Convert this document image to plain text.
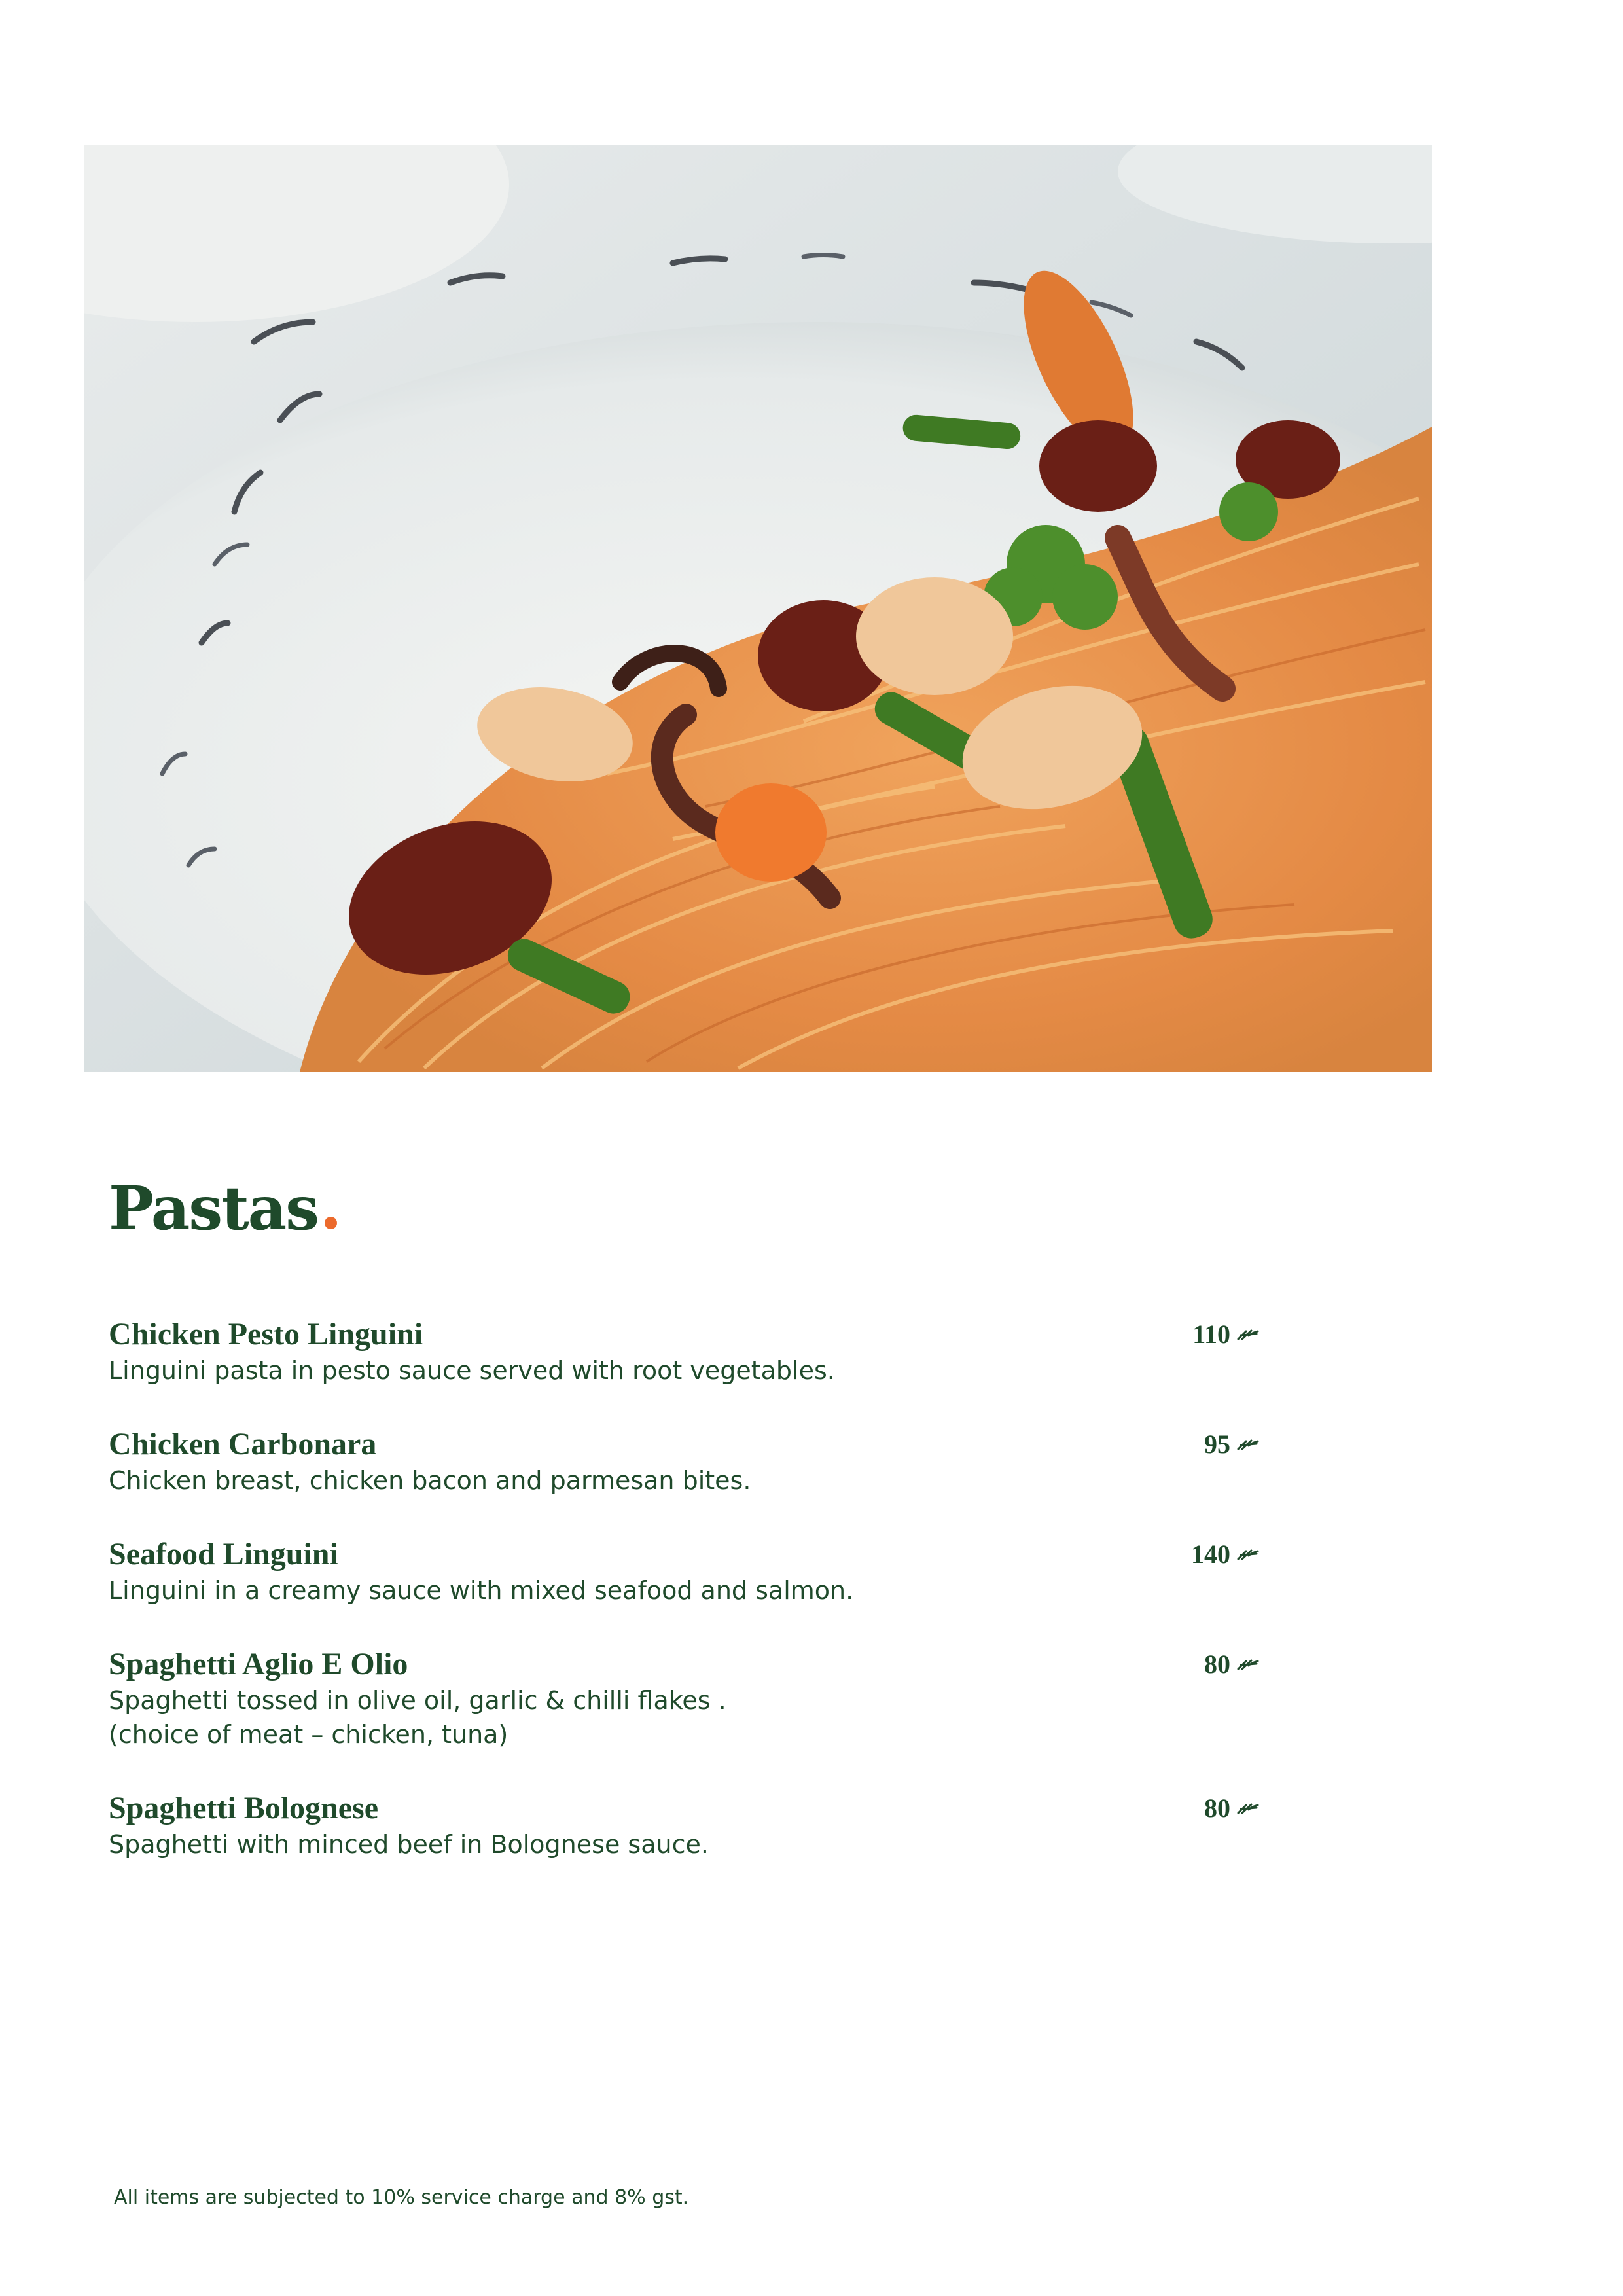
Pastas
Chicken Pesto Linguini
Linguini pasta in pesto sauce served with root vegetables.
110
Chicken Carbonara
Chicken breast, chicken bacon and parmesan bites.
95
Seafood Linguini
Linguini in a creamy sauce with mixed seafood and salmon.
140
Spaghetti Aglio E Olio
Spaghetti tossed in olive oil, garlic & chilli flakes .
(choice of meat – chicken, tuna)
80
Spaghetti Bolognese
Spaghetti with minced beef in Bolognese sauce.
80

All items are subjected to 10% service charge and 8% gst.
